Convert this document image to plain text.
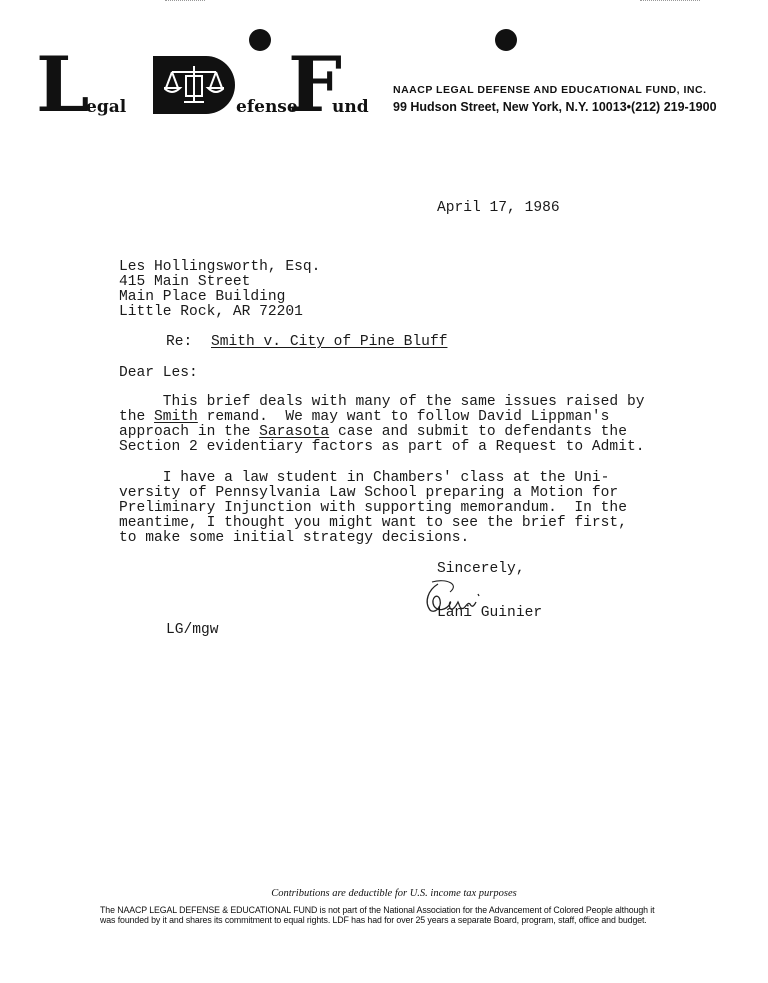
L
egal	efense
F
und
NAACP LEGAL DEFENSE AND EDUCATIONAL FUND, INC.
99 Hudson Street, New York, N.Y. 10013•(212) 219-1900
April 17, 1986
Les Hollingsworth, Esq.
415 Main Street
Main Place Building
Little Rock, AR 72201
Re: Smith v. City of Pine Bluff
Dear Les:
This brief deals with many of the same issues raised by
the Smith remand.  We may want to follow David Lippman's
approach in the Sarasota case and submit to defendants the
Section 2 evidentiary factors as part of a Request to Admit.
I have a law student in Chambers' class at the Uni-
versity of Pennsylvania Law School preparing a Motion for
Preliminary Injunction with supporting memorandum.  In the
meantime, I thought you might want to see the brief first,
to make some initial strategy decisions.
Sincerely,
Lani Guinier
LG/mgw
Contributions are deductible for U.S. income tax purposes
The NAACP LEGAL DEFENSE & EDUCATIONAL FUND is not part of the National Association for the Advancement of Colored People although it
was founded by it and shares its commitment to equal rights. LDF has had for over 25 years a separate Board, program, staff, office and budget.
